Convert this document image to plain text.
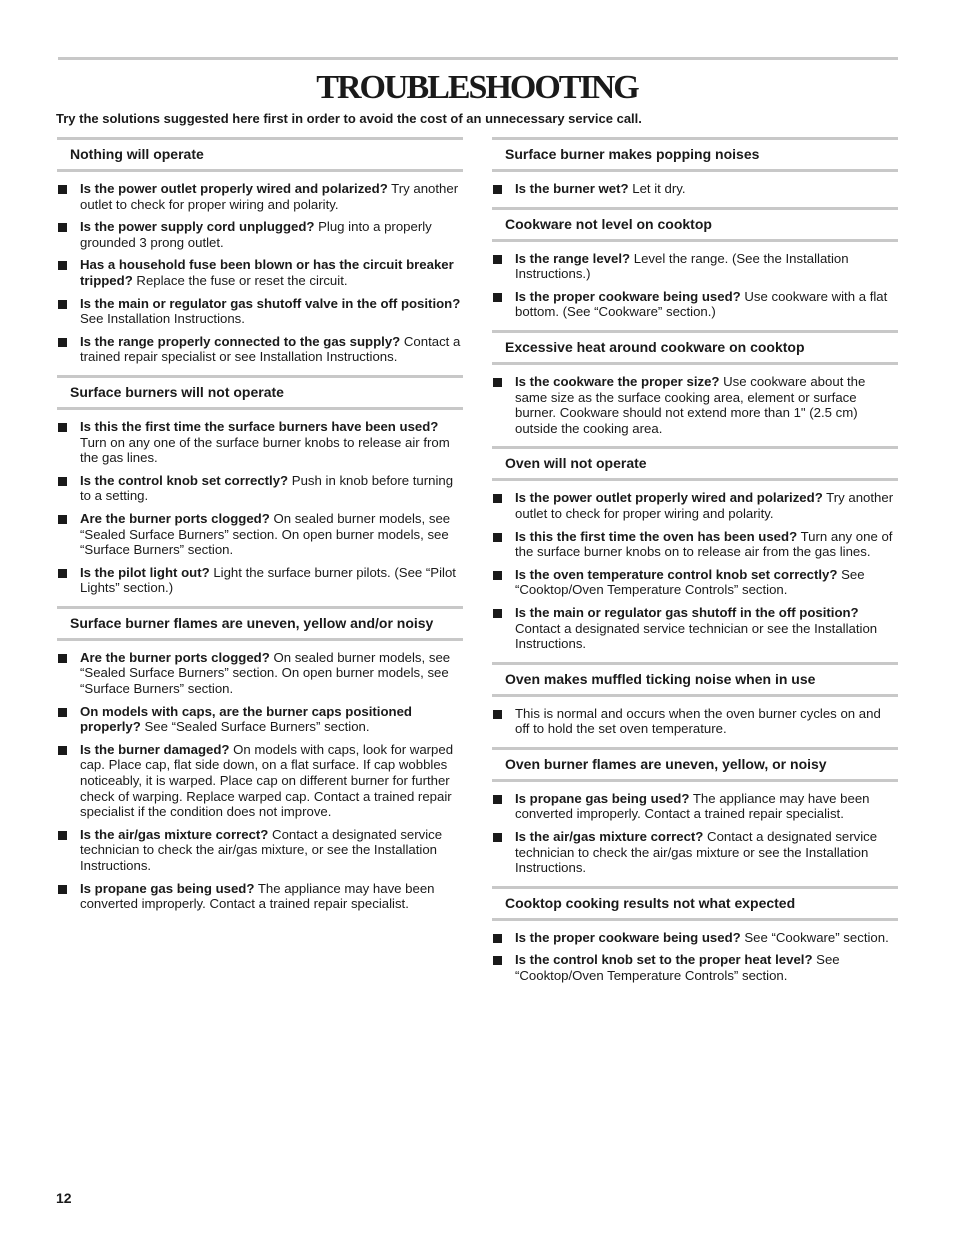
TROUBLESHOOTING

Try the solutions suggested here first in order to avoid the cost of an unnecessary service call.

Nothing will operate
Is the power outlet properly wired and polarized? Try another outlet to check for proper wiring and polarity.
Is the power supply cord unplugged? Plug into a properly grounded 3 prong outlet.
Has a household fuse been blown or has the circuit breaker tripped? Replace the fuse or reset the circuit.
Is the main or regulator gas shutoff valve in the off position? See Installation Instructions.
Is the range properly connected to the gas supply? Contact a trained repair specialist or see Installation Instructions.
Surface burners will not operate
Is this the first time the surface burners have been used? Turn on any one of the surface burner knobs to release air from the gas lines.
Is the control knob set correctly? Push in knob before turning to a setting.
Are the burner ports clogged? On sealed burner models, see “Sealed Surface Burners” section. On open burner models, see “Surface Burners” section.
Is the pilot light out? Light the surface burner pilots. (See “Pilot Lights” section.)
Surface burner flames are uneven, yellow and/or noisy
Are the burner ports clogged? On sealed burner models, see “Sealed Surface Burners” section. On open burner models, see “Surface Burners” section.
On models with caps, are the burner caps positioned properly? See “Sealed Surface Burners” section.
Is the burner damaged? On models with caps, look for warped cap. Place cap, flat side down, on a flat surface. If cap wobbles noticeably, it is warped. Place cap on different burner for further check of warping. Replace warped cap. Contact a trained repair specialist if the condition does not improve.
Is the air/gas mixture correct? Contact a designated service technician to check the air/gas mixture, or see the Installation Instructions.
Is propane gas being used? The appliance may have been converted improperly. Contact a trained repair specialist.
Surface burner makes popping noises
Is the burner wet? Let it dry.
Cookware not level on cooktop
Is the range level? Level the range. (See the Installation Instructions.)
Is the proper cookware being used? Use cookware with a flat bottom. (See “Cookware” section.)
Excessive heat around cookware on cooktop
Is the cookware the proper size? Use cookware about the same size as the surface cooking area, element or surface burner. Cookware should not extend more than 1" (2.5 cm) outside the cooking area.
Oven will not operate
Is the power outlet properly wired and polarized? Try another outlet to check for proper wiring and polarity.
Is this the first time the oven has been used? Turn any one of the surface burner knobs on to release air from the gas lines.
Is the oven temperature control knob set correctly? See “Cooktop/Oven Temperature Controls” section.
Is the main or regulator gas shutoff in the off position? Contact a designated service technician or see the Installation Instructions.
Oven makes muffled ticking noise when in use
This is normal and occurs when the oven burner cycles on and off to hold the set oven temperature.
Oven burner flames are uneven, yellow, or noisy
Is propane gas being used? The appliance may have been converted improperly. Contact a trained repair specialist.
Is the air/gas mixture correct? Contact a designated service technician to check the air/gas mixture or see the Installation Instructions.
Cooktop cooking results not what expected
Is the proper cookware being used? See “Cookware” section.
Is the control knob set to the proper heat level? See “Cooktop/Oven Temperature Controls” section.
12
